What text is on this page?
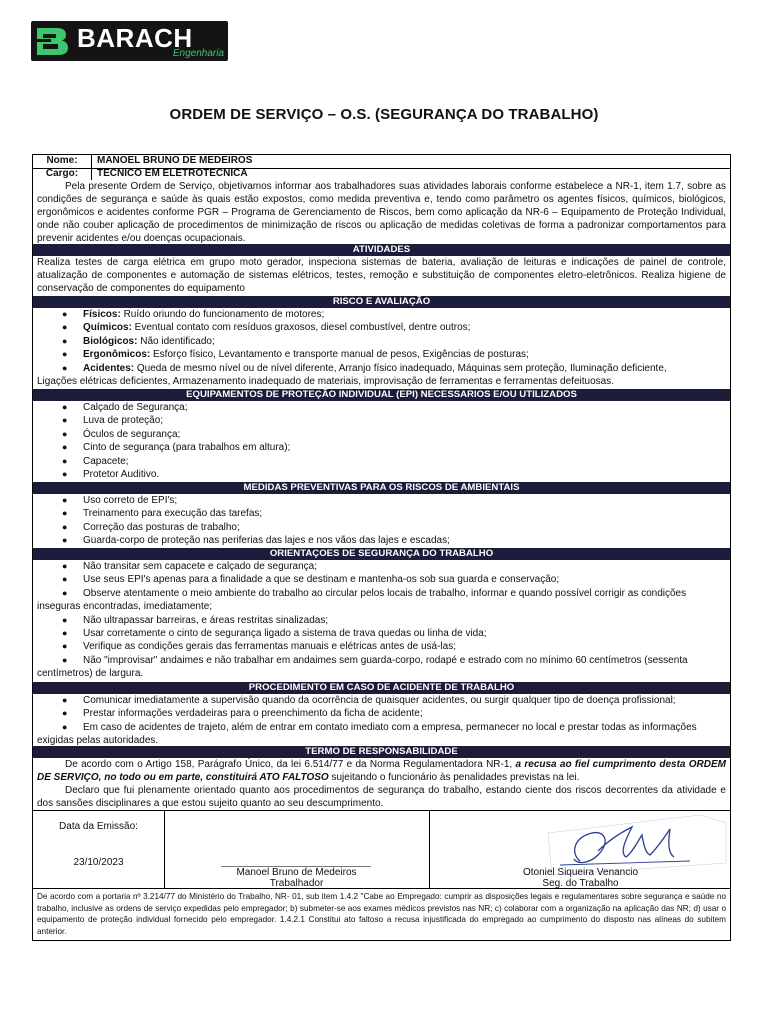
BARACH
Engenharia
ORDEM DE SERVIÇO – O.S. (SEGURANÇA DO TRABALHO)
Nome:	MANOEL BRUNO DE MEDEIROS
Cargo:	TECNICO EM ELETROTECNICA
Pela presente Ordem de Serviço, objetivamos informar aos trabalhadores suas atividades laborais conforme estabelece a NR-1, item 1.7, sobre as condições de segurança e saúde às quais estão expostos, como medida preventiva e, tendo como parâmetro os agentes físicos, químicos, biológicos, ergonômicos e acidentes conforme PGR – Programa de Gerenciamento de Riscos, bem como aplicação da NR-6 – Equipamento de Proteção Individual, onde não couber aplicação de procedimentos de minimização de riscos ou aplicação de medidas coletivas de forma a padronizar comportamentos para prevenir acidentes e/ou doenças ocupacionais.
ATIVIDADES
Realiza testes de carga elétrica em grupo moto gerador, inspeciona sistemas de bateria, avaliação de leituras e indicações de painel de controle, atualização de componentes e automação de sistemas elétricos, testes, remoção e substituição de componentes eletro-eletrônicos. Realiza higiene de conservação de componentes do equipamento
RISCO E AVALIAÇÃO
● Físicos: Ruído oriundo do funcionamento de motores;
● Químicos: Eventual contato com resíduos graxosos, diesel combustível, dentre outros;
● Biológicos: Não identificado;
● Ergonômicos: Esforço físico, Levantamento e transporte manual de pesos, Exigências de posturas;
● Acidentes: Queda de mesmo nível ou de nível diferente, Arranjo físico inadequado, Máquinas sem proteção, Iluminação deficiente,
Ligações elétricas deficientes, Armazenamento inadequado de materiais, improvisação de ferramentas e ferramentas defeituosas.
EQUIPAMENTOS DE PROTEÇÃO INDIVIDUAL (EPI) NECESSARIOS E/OU UTILIZADOS
● Calçado de Segurança;
● Luva de proteção;
● Óculos de segurança;
● Cinto de segurança (para trabalhos em altura);
● Capacete;
● Protetor Auditivo.
MEDIDAS PREVENTIVAS PARA OS RISCOS DE AMBIENTAIS
● Uso correto de EPI's;
● Treinamento para execução das tarefas;
● Correção das posturas de trabalho;
● Guarda-corpo de proteção nas periferias das lajes e nos vãos das lajes e escadas;
ORIENTAÇOES DE SEGURANÇA DO TRABALHO
● Não transitar sem capacete e calçado de segurança;
● Use seus EPI's apenas para a finalidade a que se destinam e mantenha-os sob sua guarda e conservação;
● Observe atentamente o meio ambiente do trabalho ao circular pelos locais de trabalho, informar e quando possível corrigir as condições
inseguras encontradas, imediatamente;
● Não ultrapassar barreiras, e áreas restritas sinalizadas;
● Usar corretamente o cinto de segurança ligado a sistema de trava quedas ou linha de vida;
● Verifique as condições gerais das ferramentas manuais e elétricas antes de usá-las;
● Não "improvisar" andaimes e não trabalhar em andaimes sem guarda-corpo, rodapé e estrado com no mínimo 60 centímetros (sessenta
centímetros) de largura.
PROCEDIMENTO EM CASO DE ACIDENTE DE TRABALHO
● Comunicar imediatamente a supervisão quando da ocorrência de quaisquer acidentes, ou surgir qualquer tipo de doença profissional;
● Prestar informações verdadeiras para o preenchimento da ficha de acidente;
● Em caso de acidentes de trajeto, além de entrar em contato imediato com a empresa, permanecer no local e prestar todas as informações
exigidas pelas autoridades.
TERMO DE RESPONSABILIDADE
De acordo com o Artigo 158, Parágrafo Único, da lei 6.514/77 e da Norma Regulamentadora NR-1, a recusa ao fiel cumprimento desta ORDEM DE SERVIÇO, no todo ou em parte, constituirá ATO FALTOSO sujeitando o funcionário às penalidades previstas na lei.
Declaro que fui plenamente orientado quanto aos procedimentos de segurança do trabalho, estando ciente dos riscos decorrentes da atividade e dos sansões disciplinares a que estou sujeito quanto ao seu descumprimento.
Data da Emissão:
23/10/2023
Manoel Bruno de Medeiros
Trabalhador
Otoniel Siqueira Venancio
Seg. do Trabalho
De acordo com a portaria nº 3.214/77 do Ministério do Trabalho, NR- 01, sub item 1.4.2 "Cabe ao Empregado: cumprir as disposições legais e regulamentares sobre segurança e saúde no trabalho, inclusive as ordens de serviço expedidas pelo empregador; b) submeter-se aos exames médicos previstos nas NR; c) colaborar com a organização na aplicação das NR; d) usar o equipamento de proteção individual fornecido pelo empregador. 1.4.2.1 Constitui ato faltoso a recusa injustificada do empregado ao cumprimento do disposto nas alíneas do subitem anterior.
